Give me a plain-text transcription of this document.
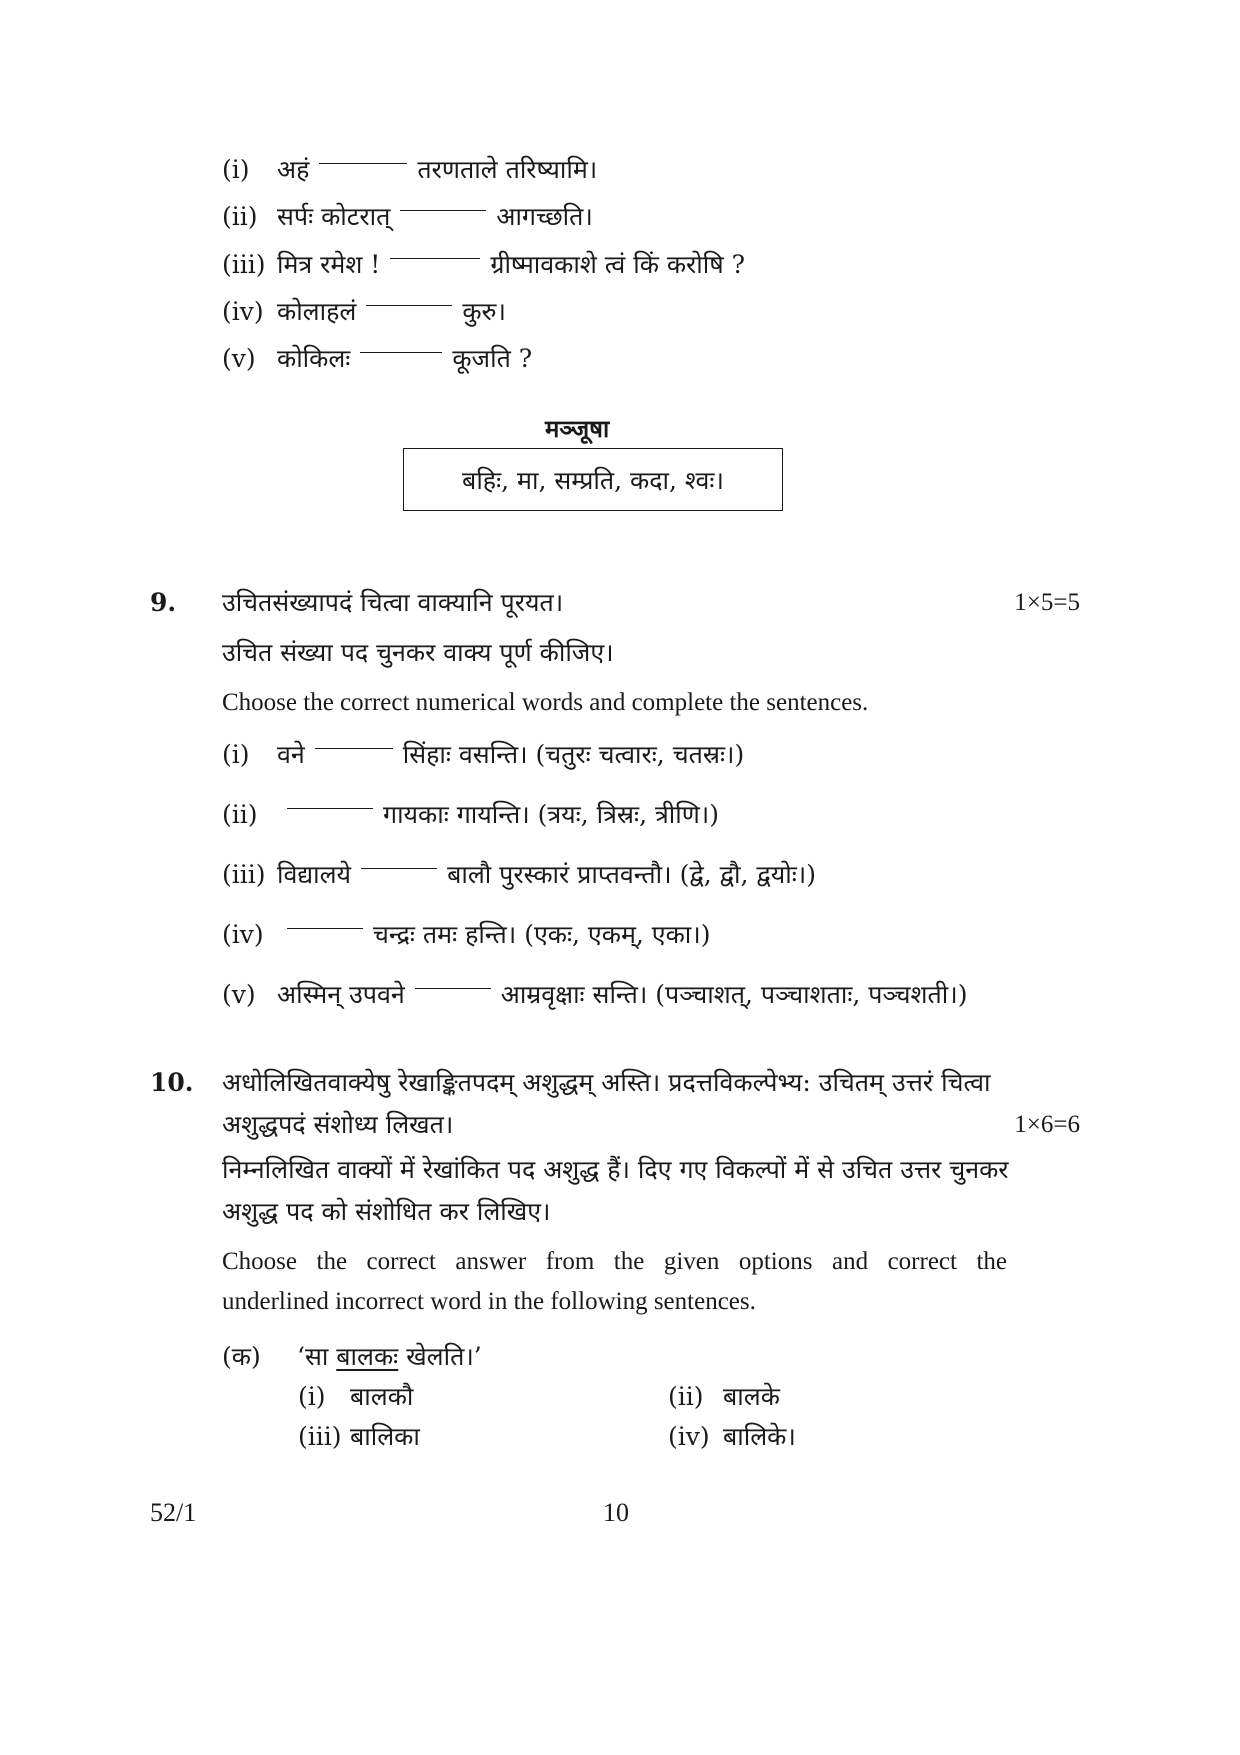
(i) अहं	तरणताले तरिष्यामि।
(ii) सर्पः कोटरात्	आगच्छति।
(iii) मित्र रमेश !	ग्रीष्मावकाशे त्वं किं करोषि ?
(iv) कोलाहलं	कुरु।
(v) कोकिलः	कूजति ?
मञ्जूषा
बहिः, मा, सम्प्रति, कदा, श्वः।
9. उचितसंख्यापदं चित्वा वाक्यानि पूरयत।	1×5=5
उचित संख्या पद चुनकर वाक्य पूर्ण कीजिए।
Choose the correct numerical words and complete the sentences.
(i) वने	सिंहाः वसन्ति। (चतुरः चत्वारः, चतस्रः।)
(ii)	गायकाः गायन्ति। (त्रयः, त्रिस्रः, त्रीणि।)
(iii) विद्यालये	बालौ पुरस्कारं प्राप्तवन्तौ। (द्वे, द्वौ, द्वयोः।)
(iv)	चन्द्रः तमः हन्ति। (एकः, एकम्, एका।)
(v) अस्मिन् उपवने	आम्रवृक्षाः सन्ति। (पञ्चाशत्, पञ्चाशताः, पञ्चशती।)
10. अधोलिखितवाक्येषु रेखाङ्कितपदम् अशुद्धम् अस्ति। प्रदत्तविकल्पेभ्य: उचितम् उत्तरं चित्वा
अशुद्धपदं संशोध्य लिखत।	1×6=6
निम्नलिखित वाक्यों में रेखांकित पद अशुद्ध हैं। दिए गए विकल्पों में से उचित उत्तर चुनकर
अशुद्ध पद को संशोधित कर लिखिए।
Choose the correct answer from the given options and correct the
underlined incorrect word in the following sentences.
(क) ‘सा बालकः खेलति।’
(i) बालकौ	(ii) बालके
(iii) बालिका	(iv) बालिके।
52/1	10
